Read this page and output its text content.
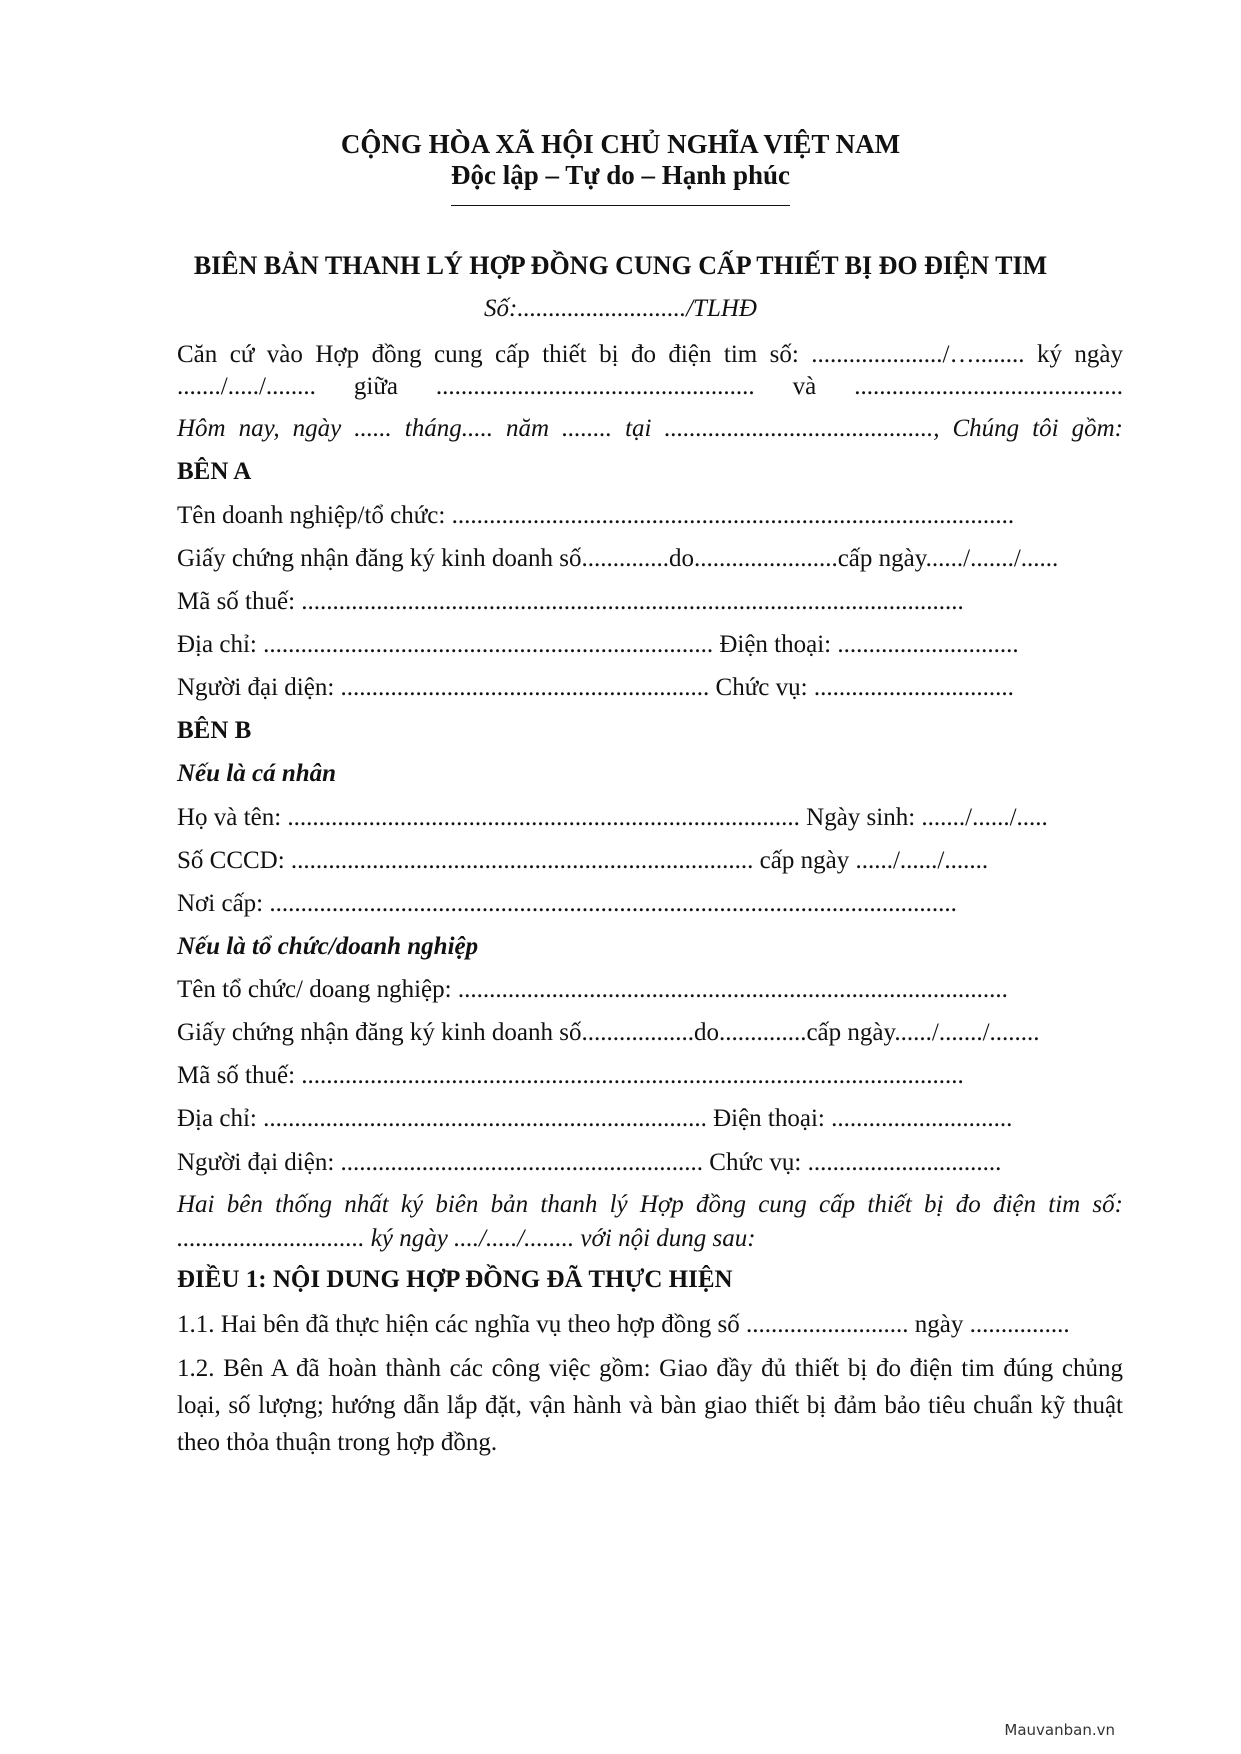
CỘNG HÒA XÃ HỘI CHỦ NGHĨA VIỆT NAM
Độc lập – Tự do – Hạnh phúc
BIÊN BẢN THANH LÝ HỢP ĐỒNG CUNG CẤP THIẾT BỊ ĐO ĐIỆN TIM
Số:.........................../TLHĐ
Căn cứ vào Hợp đồng cung cấp thiết bị đo điện tim số: ...................../…........ ký ngày
......./...../........ giữa ................................................... và ...........................................
Hôm nay, ngày ...... tháng..... năm ........ tại ..........................................., Chúng tôi gồm:
BÊN A
Tên doanh nghiệp/tổ chức: ..........................................................................................
Giấy chứng nhận đăng ký kinh doanh số..............do.......................cấp ngày....../......./......
Mã số thuế: ..........................................................................................................
Địa chỉ: ........................................................................ Điện thoại: .............................
Người đại diện: ........................................................... Chức vụ: ................................
BÊN B
Nếu là cá nhân
Họ và tên: .................................................................................. Ngày sinh: ......./....../.....
Số CCCD: .......................................................................... cấp ngày ....../....../.......
Nơi cấp: ..............................................................................................................
Nếu là tổ chức/doanh nghiệp
Tên tổ chức/ doang nghiệp: ........................................................................................
Giấy chứng nhận đăng ký kinh doanh số..................do..............cấp ngày....../......./........
Mã số thuế: ..........................................................................................................
Địa chỉ: ....................................................................... Điện thoại: .............................
Người đại diện: .......................................................... Chức vụ: ...............................
Hai bên thống nhất ký biên bản thanh lý Hợp đồng cung cấp thiết bị đo điện tim số:
.............................. ký ngày ..../...../........ với nội dung sau:
ĐIỀU 1: NỘI DUNG HỢP ĐỒNG ĐÃ THỰC HIỆN
1.1. Hai bên đã thực hiện các nghĩa vụ theo hợp đồng số .......................... ngày ................
1.2. Bên A đã hoàn thành các công việc gồm: Giao đầy đủ thiết bị đo điện tim đúng chủng loại, số lượng; hướng dẫn lắp đặt, vận hành và bàn giao thiết bị đảm bảo tiêu chuẩn kỹ thuật theo thỏa thuận trong hợp đồng.
Mauvanban.vn
